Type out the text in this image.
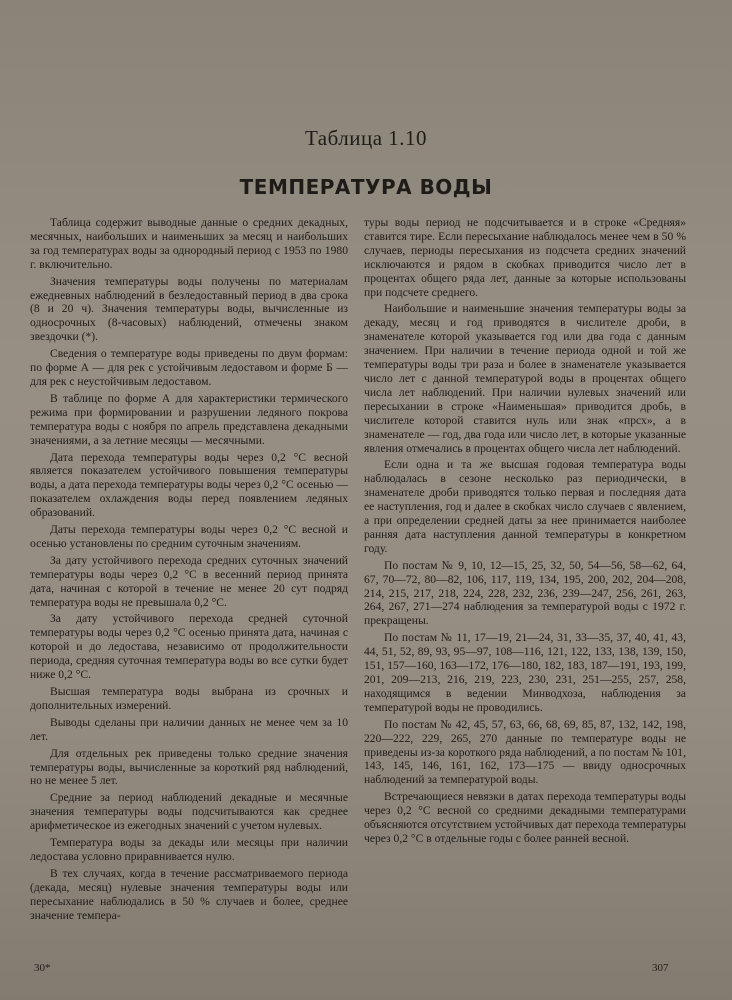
Таблица 1.10
ТЕМПЕРАТУРА ВОДЫ

Таблица содержит выводные данные о средних декадных, месячных, наибольших и наименьших за месяц и наибольших за год температурах воды за однородный период с 1953 по 1980 г. включительно.

Значения температуры воды получены по материалам ежедневных наблюдений в безледоставный период в два срока (8 и 20 ч). Значения температуры воды, вычисленные из односрочных (8-часовых) наблюдений, отмечены знаком звездочки (*).

Сведения о температуре воды приведены по двум формам: по форме А — для рек с устойчивым ледоставом и форме Б — для рек с неустойчивым ледоставом.

В таблице по форме А для характеристики термического режима при формировании и разрушении ледяного покрова температура воды с ноября по апрель представлена декадными значениями, а за летние месяцы — месячными.

Дата перехода температуры воды через 0,2 °С весной является показателем устойчивого повышения температуры воды, а дата перехода температуры воды через 0,2 °С осенью — показателем охлаждения воды перед появлением ледяных образований.

Даты перехода температуры воды через 0,2 °С весной и осенью установлены по средним суточным значениям.

За дату устойчивого перехода средних суточных значений температуры воды через 0,2 °С в весенний период принята дата, начиная с которой в течение не менее 20 сут подряд температура воды не превышала 0,2 °С.

За дату устойчивого перехода средней суточной температуры воды через 0,2 °С осенью принята дата, начиная с которой и до ледостава, независимо от продолжительности периода, средняя суточная температура воды во все сутки будет ниже 0,2 °С.

Высшая температура воды выбрана из срочных и дополнительных измерений.

Выводы сделаны при наличии данных не менее чем за 10 лет.

Для отдельных рек приведены только средние значения температуры воды, вычисленные за короткий ряд наблюдений, но не менее 5 лет.

Средние за период наблюдений декадные и месячные значения температуры воды подсчитываются как среднее арифметическое из ежегодных значений с учетом нулевых.

Температура воды за декады или месяцы при наличии ледостава условно приравнивается нулю.

В тех случаях, когда в течение рассматриваемого периода (декада, месяц) нулевые значения температуры воды или пересыхание наблюдались в 50 % случаев и более, среднее значение темпера-

туры воды период не подсчитывается и в строке «Средняя» ставится тире. Если пересыхание наблюдалось менее чем в 50 % случаев, периоды пересыхания из подсчета средних значений исключаются и рядом в скобках приводится число лет в процентах общего ряда лет, данные за которые использованы при подсчете среднего.

Наибольшие и наименьшие значения температуры воды за декаду, месяц и год приводятся в числителе дроби, в знаменателе которой указывается год или два года с данным значением. При наличии в течение периода одной и той же температуры воды три раза и более в знаменателе указывается число лет с данной температурой воды в процентах общего числа лет наблюдений. При наличии нулевых значений или пересыхании в строке «Наименьшая» приводится дробь, в числителе которой ставится нуль или знак «прсх», а в знаменателе — год, два года или число лет, в которые указанные явления отмечались в процентах общего числа лет наблюдений.

Если одна и та же высшая годовая температура воды наблюдалась в сезоне несколько раз периодически, в знаменателе дроби приводятся только первая и последняя дата ее наступления, год и далее в скобках число случаев с явлением, а при определении средней даты за нее принимается наиболее ранняя дата наступления данной температуры в конкретном году.

По постам № 9, 10, 12—15, 25, 32, 50, 54—56, 58—62, 64, 67, 70—72, 80—82, 106, 117, 119, 134, 195, 200, 202, 204—208, 214, 215, 217, 218, 224, 228, 232, 236, 239—247, 256, 261, 263, 264, 267, 271—274 наблюдения за температурой воды с 1972 г. прекращены.

По постам № 11, 17—19, 21—24, 31, 33—35, 37, 40, 41, 43, 44, 51, 52, 89, 93, 95—97, 108—116, 121, 122, 133, 138, 139, 150, 151, 157—160, 163—172, 176—180, 182, 183, 187—191, 193, 199, 201, 209—213, 216, 219, 223, 230, 231, 251—255, 257, 258, находящимся в ведении Минводхоза, наблюдения за температурой воды не проводились.

По постам № 42, 45, 57, 63, 66, 68, 69, 85, 87, 132, 142, 198, 220—222, 229, 265, 270 данные по температуре воды не приведены из-за короткого ряда наблюдений, а по постам № 101, 143, 145, 146, 161, 162, 173—175 — ввиду односрочных наблюдений за температурой воды.

Встречающиеся невязки в датах перехода температуры воды через 0,2 °С весной со средними декадными температурами объясняются отсутствием устойчивых дат перехода температуры через 0,2 °С в отдельные годы с более ранней весной.

30*	307
